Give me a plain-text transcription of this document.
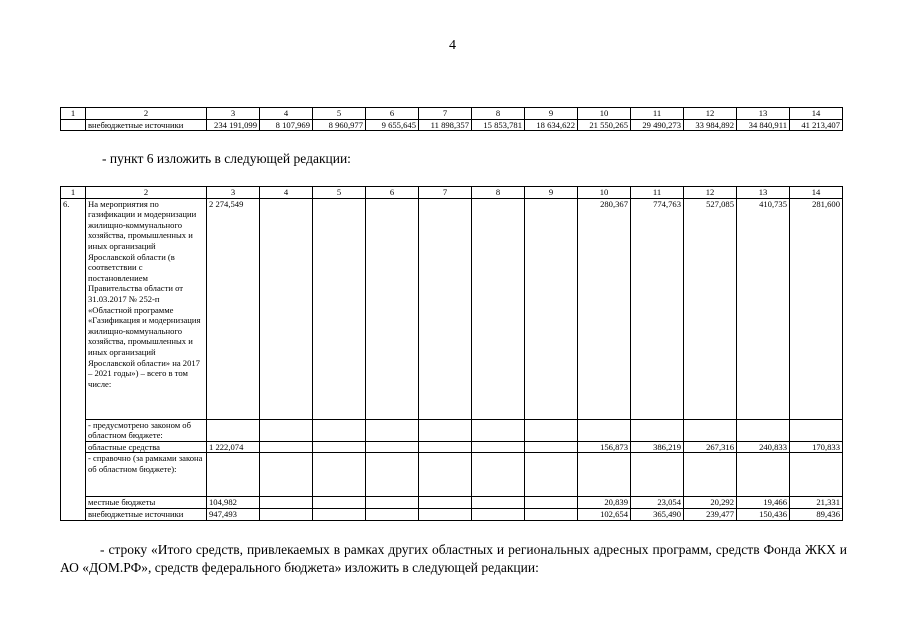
4
1	2	3	4	5	6	7	8	9	10	11	12	13	14
	внебюджетные источники	234 191,099	8 107,969	8 960,977	9 655,645	11 898,357	15 853,781	18 634,622	21 550,265	29 490,273	33 984,892	34 840,911	41 213,407
- пункт 6 изложить в следующей редакции:
1	2	3	4	5	6	7	8	9	10	11	12	13	14
6.	На мероприятия по газификации и модернизации жилищно-коммунального хозяйства, промышленных и иных организаций Ярославской области (в соответствии с постановлением Правительства области от 31.03.2017 № 252-п «Областной программе «Газификация и модернизация жилищно-коммунального хозяйства, промышленных и иных организаций Ярославской области» на 2017 – 2021 годы») – всего в том числе:	2 274,549							280,367	774,763	527,085	410,735	281,600
	- предусмотрено законом об областном бюджете:												
	областные средства	1 222,074							156,873	386,219	267,316	240,833	170,833
	- справочно (за рамками закона об областном бюджете):												
	местные бюджеты	104,982							20,839	23,054	20,292	19,466	21,331
	внебюджетные источники	947,493							102,654	365,490	239,477	150,436	89,436
- строку «Итого средств, привлекаемых в рамках других областных и региональных адресных программ, средств Фонда ЖКХ и АО «ДОМ.РФ», средств федерального бюджета» изложить в следующей редакции:
